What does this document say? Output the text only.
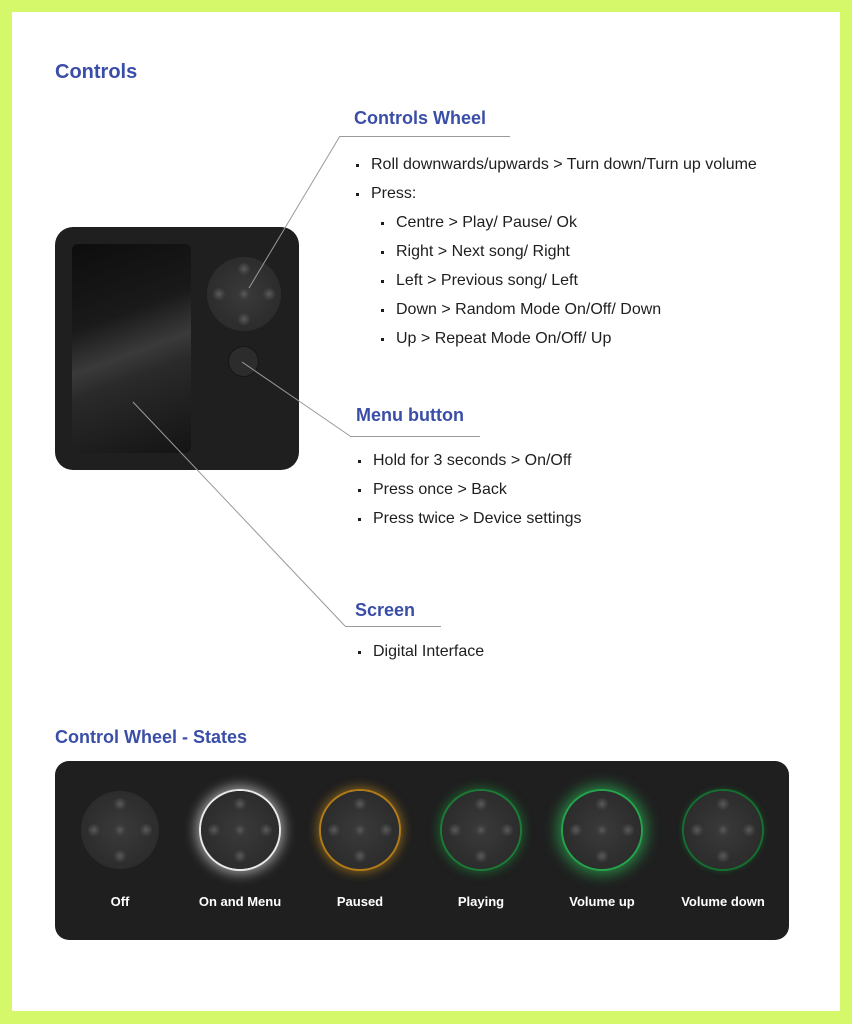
Controls
Controls Wheel
Roll downwards/upwards > Turn down/Turn up volume
Press:
Centre > Play/ Pause/ Ok
Right > Next song/ Right
Left > Previous song/ Left
Down > Random Mode On/Off/ Down
Up > Repeat Mode On/Off/ Up
Menu button
Hold for 3 seconds > On/Off
Press once > Back
Press twice > Device settings
Screen
Digital Interface
Control Wheel - States
Off	On and Menu	Paused	Playing	Volume up	Volume down
